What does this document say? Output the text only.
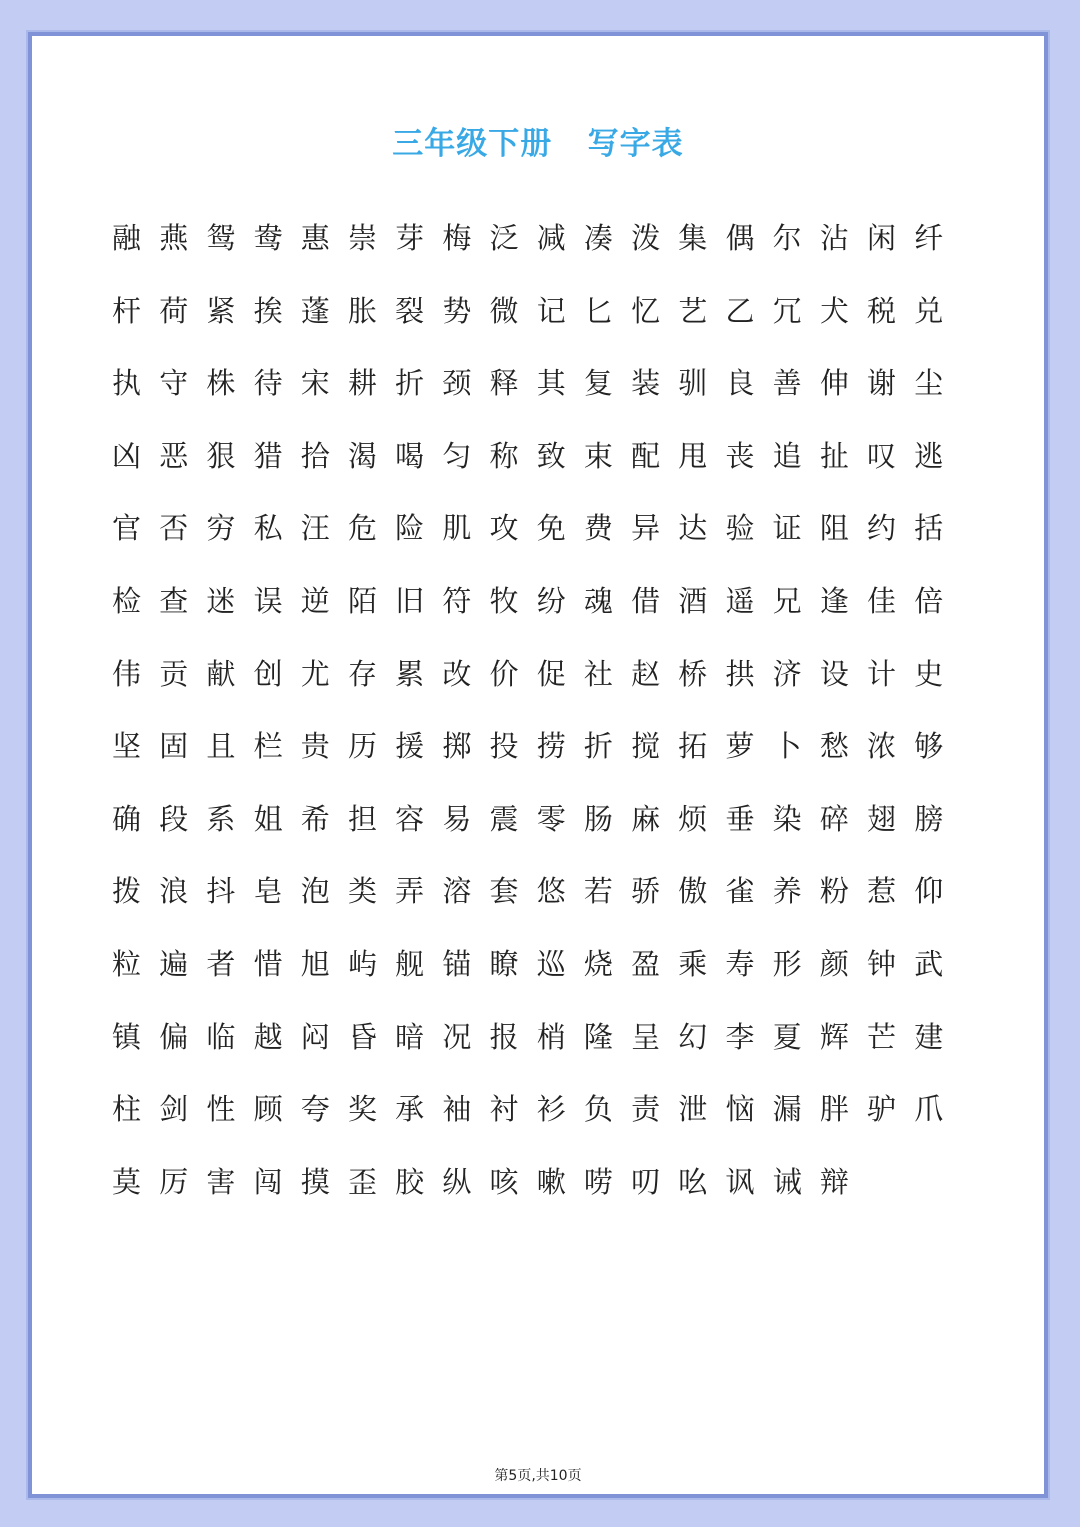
三年级下册   写字表
融 燕 鸳 鸯 惠 崇 芽 梅 泛 减 凑 泼 集 偶 尔 沾 闲 纤
杆 荷 紧 挨 蓬 胀 裂 势 微 记 匕 忆 艺 乙 冗 犬 税 兑
执 守 株 待 宋 耕 折 颈 释 其 复 装 驯 良 善 伸 谢 尘
凶 恶 狠 猎 拾 渴 喝 匀 称 致 束 配 甩 丧 追 扯 叹 逃
官 否 穷 私 汪 危 险 肌 攻 免 费 异 达 验 证 阻 约 括
检 查 迷 误 逆 陌 旧 符 牧 纷 魂 借 酒 遥 兄 逢 佳 倍
伟 贡 献 创 尤 存 累 改 价 促 社 赵 桥 拱 济 设 计 史
坚 固 且 栏 贵 历 援 掷 投 捞 折 搅 拓 萝 卜 愁 浓 够
确 段 系 姐 希 担 容 易 震 零 肠 麻 烦 垂 染 碎 翅 膀
拨 浪 抖 皂 泡 类 弄 溶 套 悠 若 骄 傲 雀 养 粉 惹 仰
粒 遍 者 惜 旭 屿 舰 锚 瞭 巡 烧 盈 乘 寿 形 颜 钟 武
镇 偏 临 越 闷 昏 暗 况 报 梢 隆 呈 幻 李 夏 辉 芒 建
柱 剑 性 顾 夸 奖 承 袖 衬 衫 负 责 泄 恼 漏 胖 驴 爪
莫 厉 害 闯 摸 歪 胶 纵 咳 嗽 唠 叨 吆 讽 诫 辩
第5页,共10页
